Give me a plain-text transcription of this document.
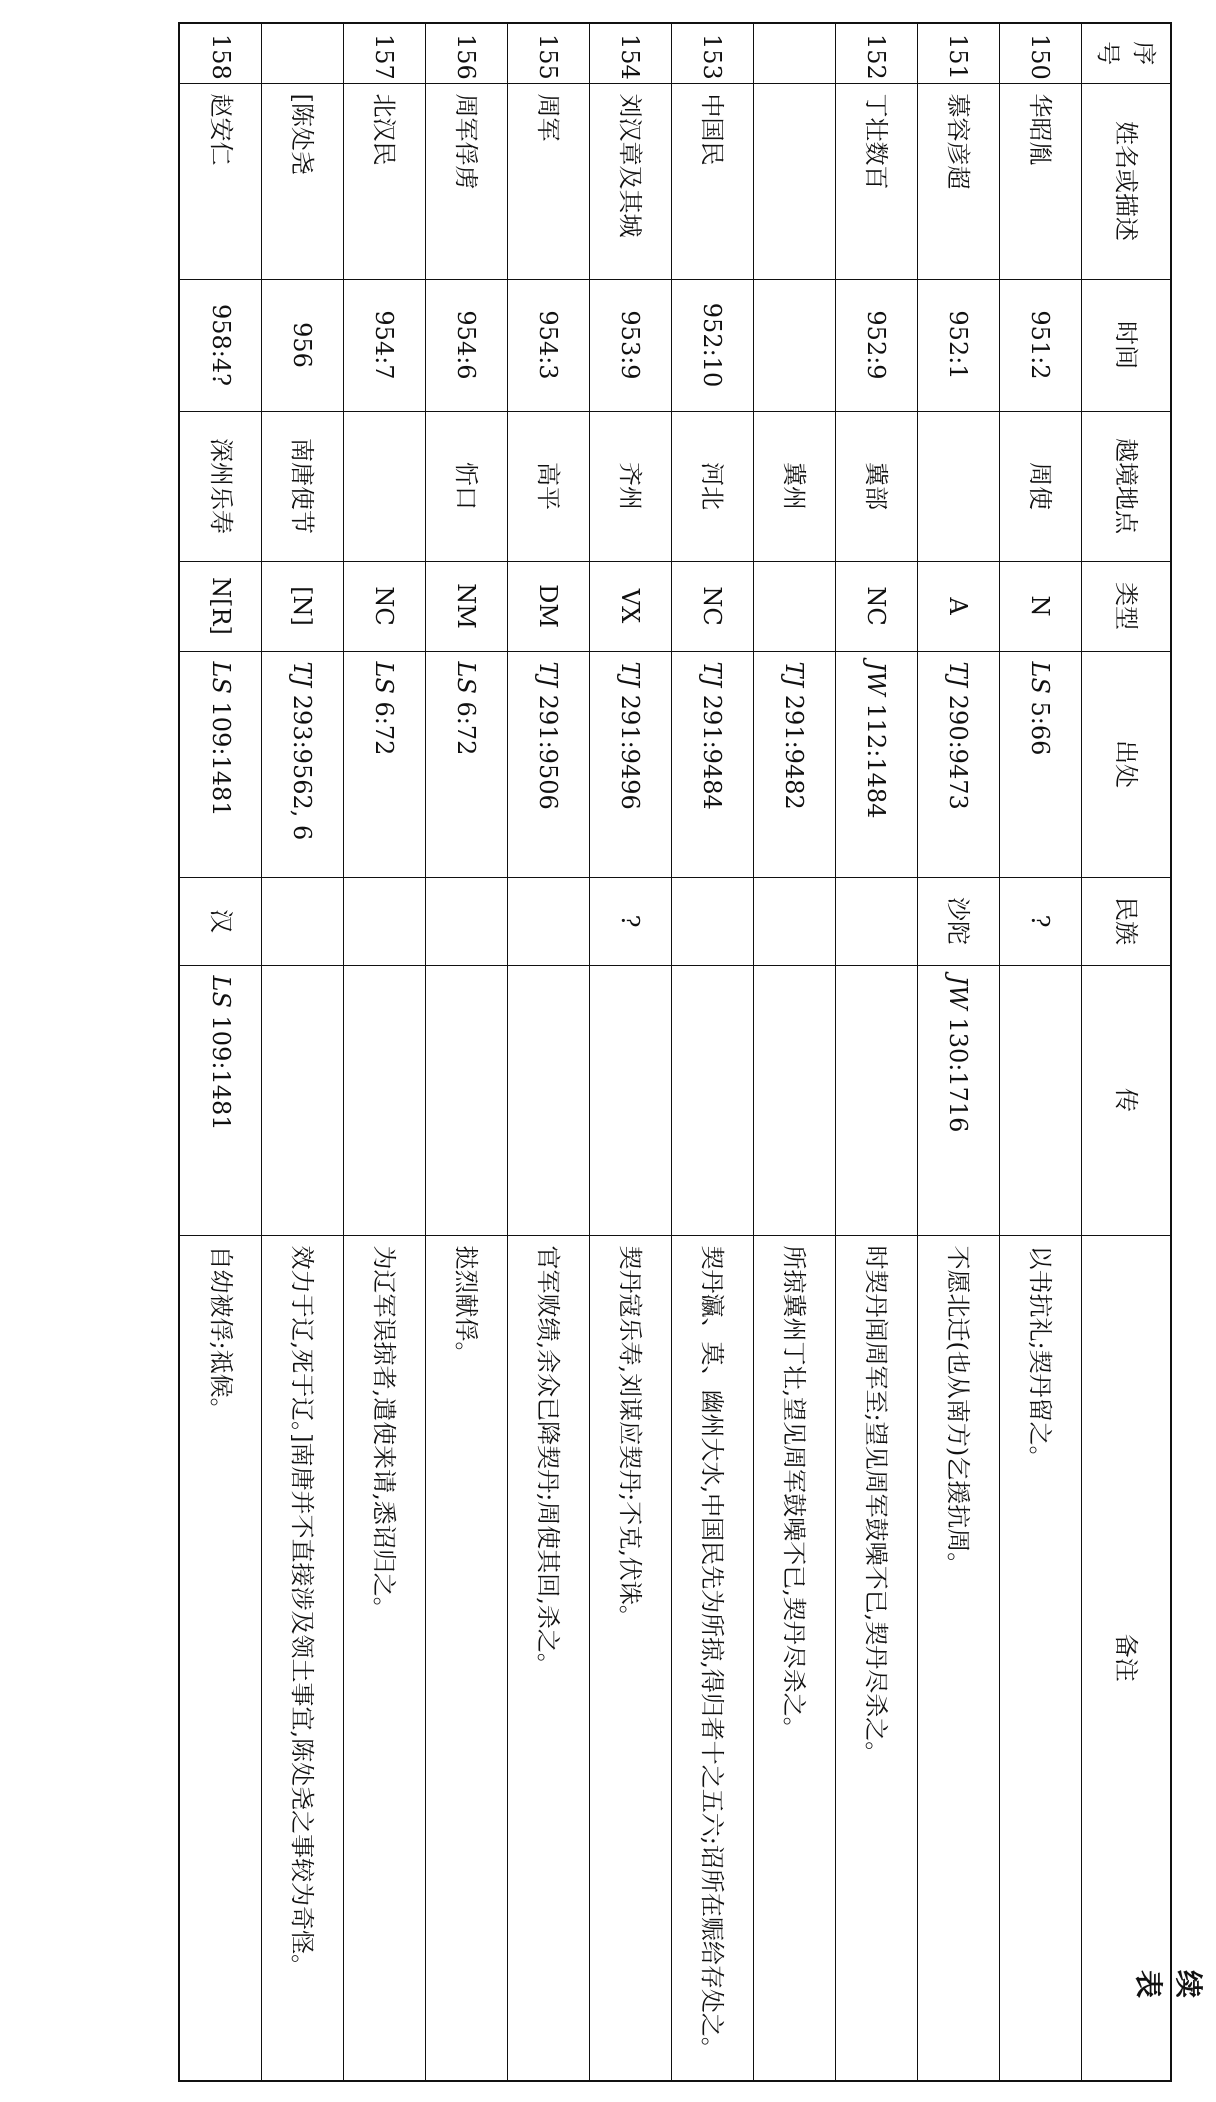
续 表
序号	姓名或描述	时间	越境地点	类型	出处	民族	传	备注
150	华昭胤	951:2	周使	N	LS 5:66	?		以书抗礼;契丹留之。
151	慕容彦超	952:1		A	TJ 290:9473	沙陀	JW 130:1716	不愿北迁(也从南方)乞援抗周。
152	丁壮数百	952:9	冀部	NC	JW 112:1484			时契丹闻周军至;望见周军鼓噪不已,契丹尽杀之。
			冀州		TJ 291:9482			所掠冀州丁壮,望见周军鼓噪不已,契丹尽杀之。
153	中国民	952:10	河北	NC	TJ 291:9484			契丹瀛、莫、幽州大水,中国民先为所掠,得归者十之五六;诏所在赈给存处之。
154	刘汉章及其城	953:9	齐州	VX	TJ 291:9496	?		契丹寇乐寿,刘谋应契丹;不克,伏诛。
155	周军	954:3	高平	DM	TJ 291:9506			官军败绩,余众已降契丹;周使其回,杀之。
156	周军俘虏	954:6	忻口	NM	LS 6:72			挞烈献俘。
157	北汉民	954:7		NC	LS 6:72			为辽军误掠者,遣使来请,悉诏归之。
	[陈处尧	956	南唐使节	[N]	TJ 293:9562, 6			效力于辽,死于辽。]南唐并不直接涉及领土事宜,陈处尧之事较为奇怪。
158	赵安仁	958:4?	深州乐寿	N[R]	LS 109:1481	汉	LS 109:1481	自幼被俘;祗候。
